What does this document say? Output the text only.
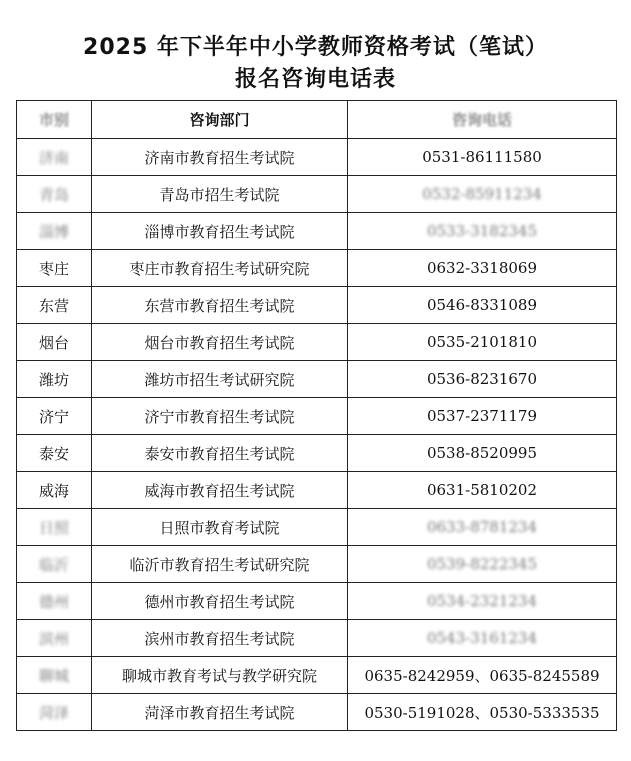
2025 年下半年中小学教师资格考试（笔试）
报名咨询电话表
市别	咨询部门	咨询电话
济南	济南市教育招生考试院	0531-86111580
青岛	青岛市招生考试院	0532-85911234
淄博	淄博市教育招生考试院	0533-3182345
枣庄	枣庄市教育招生考试研究院	0632-3318069
东营	东营市教育招生考试院	0546-8331089
烟台	烟台市教育招生考试院	0535-2101810
潍坊	潍坊市招生考试研究院	0536-8231670
济宁	济宁市教育招生考试院	0537-2371179
泰安	泰安市教育招生考试院	0538-8520995
威海	威海市教育招生考试院	0631-5810202
日照	日照市教育考试院	0633-8781234
临沂	临沂市教育招生考试研究院	0539-8222345
德州	德州市教育招生考试院	0534-2321234
滨州	滨州市教育招生考试院	0543-3161234
聊城	聊城市教育考试与教学研究院	0635-8242959、0635-8245589
菏泽	菏泽市教育招生考试院	0530-5191028、0530-5333535
